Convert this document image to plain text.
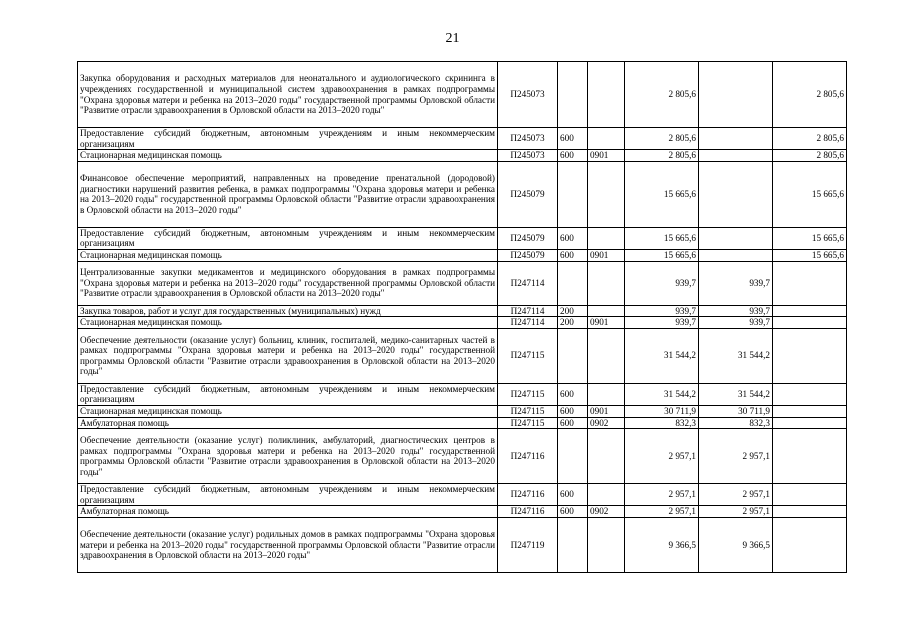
21
Закупка оборудования и расходных материалов для неонатального и аудиологического скрининга в учреждениях государственной и муниципальной систем здравоохранения в рамках подпрограммы "Охрана здоровья матери и ребенка на 2013–2020 годы" государственной программы Орловской области "Развитие отрасли здравоохранения в Орловской области на 2013–2020 годы"	П245073			2 805,6		2 805,6
Предоставление субсидий бюджетным, автономным учреждениям и иным некоммерческим организациям	П245073	600		2 805,6		2 805,6
Стационарная медицинская помощь	П245073	600	0901	2 805,6		2 805,6
Финансовое обеспечение мероприятий, направленных на проведение пренатальной (дородовой) диагностики нарушений развития ребенка, в рамках подпрограммы "Охрана здоровья матери и ребенка на 2013–2020 годы" государственной программы Орловской области "Развитие отрасли здравоохранения в Орловской области на 2013–2020 годы"	П245079			15 665,6		15 665,6
Предоставление субсидий бюджетным, автономным учреждениям и иным некоммерческим организациям	П245079	600		15 665,6		15 665,6
Стационарная медицинская помощь	П245079	600	0901	15 665,6		15 665,6
Централизованные закупки медикаментов и медицинского оборудования в рамках подпрограммы "Охрана здоровья матери и ребенка на 2013–2020 годы" государственной программы Орловской области "Развитие отрасли здравоохранения в Орловской области на 2013–2020 годы"	П247114			939,7	939,7	
Закупка товаров, работ и услуг для государственных (муниципальных) нужд	П247114	200		939,7	939,7	
Стационарная медицинская помощь	П247114	200	0901	939,7	939,7	
Обеспечение деятельности (оказание услуг) больниц, клиник, госпиталей, медико-санитарных частей в рамках подпрограммы "Охрана здоровья матери и ребенка на 2013–2020 годы" государственной программы Орловской области "Развитие отрасли здравоохранения в Орловской области на 2013–2020 годы"	П247115			31 544,2	31 544,2	
Предоставление субсидий бюджетным, автономным учреждениям и иным некоммерческим организациям	П247115	600		31 544,2	31 544,2	
Стационарная медицинская помощь	П247115	600	0901	30 711,9	30 711,9	
Амбулаторная помощь	П247115	600	0902	832,3	832,3	
Обеспечение деятельности (оказание услуг) поликлиник, амбулаторий, диагностических центров в рамках подпрограммы "Охрана здоровья матери и ребенка на 2013–2020 годы" государственной программы Орловской области "Развитие отрасли здравоохранения в Орловской области на 2013–2020 годы"	П247116			2 957,1	2 957,1	
Предоставление субсидий бюджетным, автономным учреждениям и иным некоммерческим организациям	П247116	600		2 957,1	2 957,1	
Амбулаторная помощь	П247116	600	0902	2 957,1	2 957,1	
Обеспечение деятельности (оказание услуг) родильных домов в рамках подпрограммы "Охрана здоровья матери и ребенка на 2013–2020 годы" государственной программы Орловской области "Развитие отрасли здравоохранения в Орловской области на 2013–2020 годы"	П247119			9 366,5	9 366,5	
